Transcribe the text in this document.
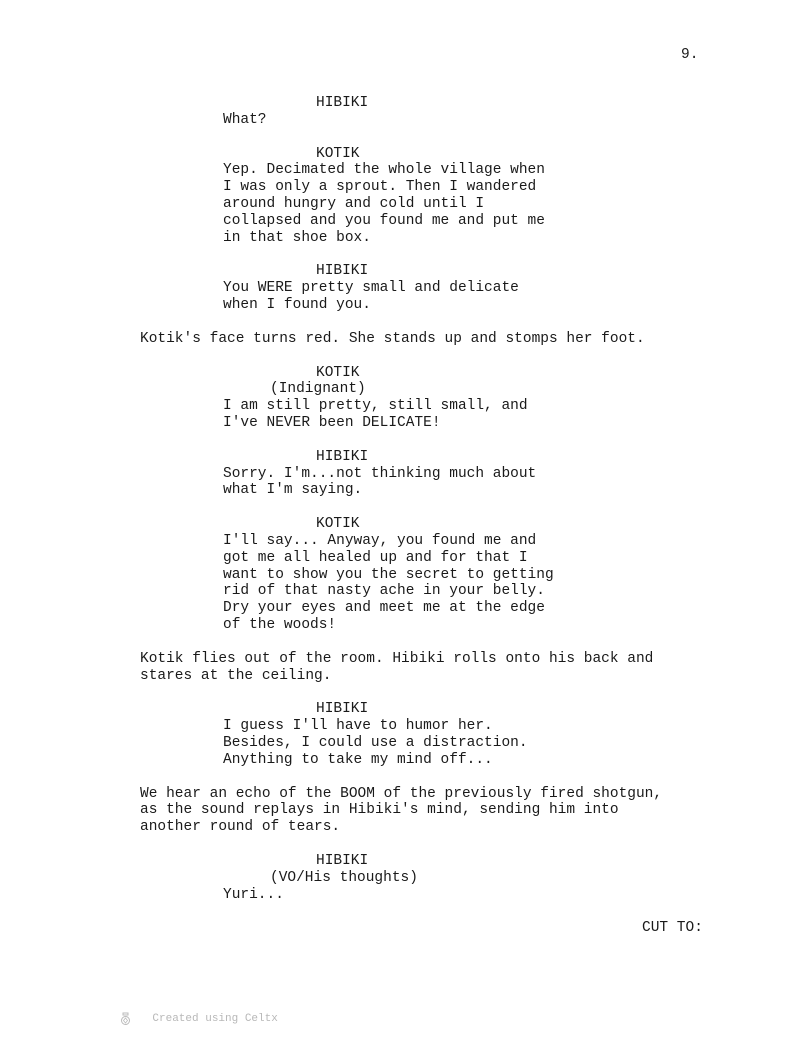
9.
HIBIKI
What?
KOTIK
Yep. Decimated the whole village when
I was only a sprout. Then I wandered
around hungry and cold until I
collapsed and you found me and put me
in that shoe box.
HIBIKI
You WERE pretty small and delicate
when I found you.
Kotik's face turns red. She stands up and stomps her foot.
KOTIK
(Indignant)
I am still pretty, still small, and
I've NEVER been DELICATE!
HIBIKI
Sorry. I'm...not thinking much about
what I'm saying.
KOTIK
I'll say... Anyway, you found me and
got me all healed up and for that I
want to show you the secret to getting
rid of that nasty ache in your belly.
Dry your eyes and meet me at the edge
of the woods!
Kotik flies out of the room. Hibiki rolls onto his back and
stares at the ceiling.
HIBIKI
I guess I'll have to humor her.
Besides, I could use a distraction.
Anything to take my mind off...
We hear an echo of the BOOM of the previously fired shotgun,
as the sound replays in Hibiki's mind, sending him into
another round of tears.
HIBIKI
(VO/His thoughts)
Yuri...
CUT TO:

Created using Celtx
